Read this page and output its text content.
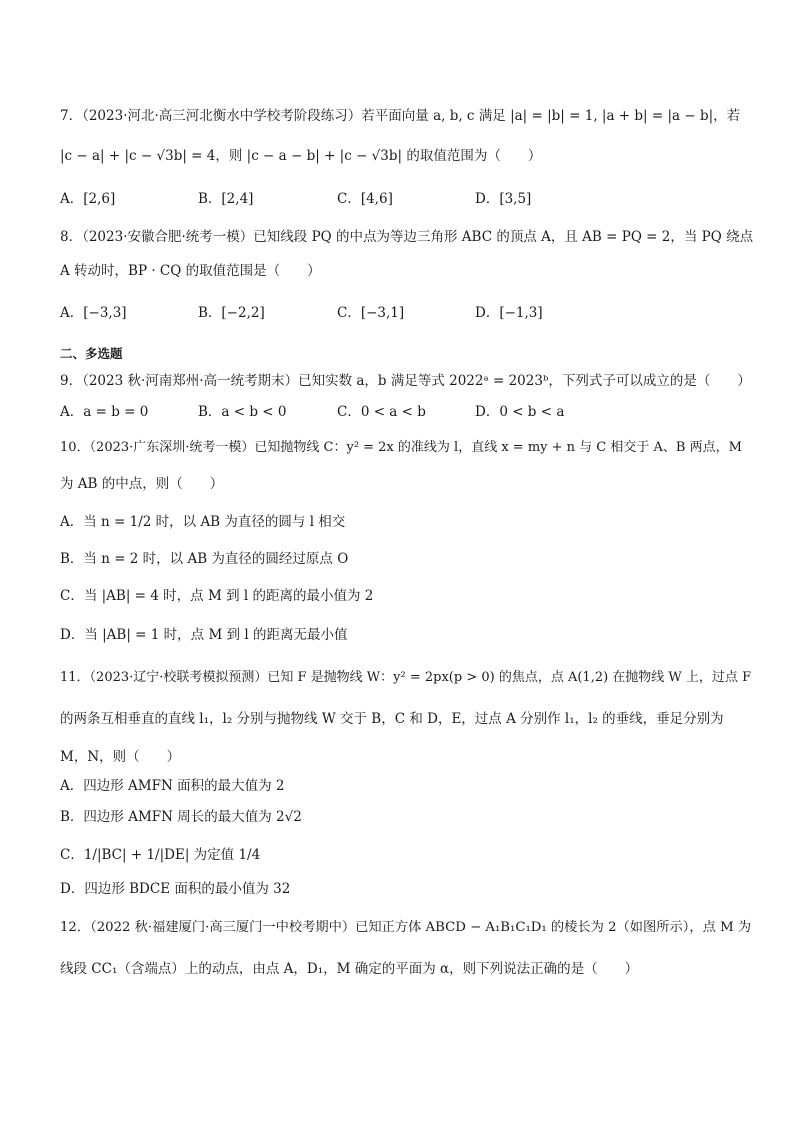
7．（2023·河北·高三河北衡水中学校考阶段练习）若平面向量 a, b, c 满足 |a| = |b| = 1, |a + b| = |a − b|，若
|c − a| + |c − √3b| = 4，则 |c − a − b| + |c − √3b| 的取值范围为（　　）
A．[2,6]	B．[2,4]	C．[4,6]	D．[3,5]
8．（2023·安徽合肥·统考一模）已知线段 PQ 的中点为等边三角形 ABC 的顶点 A，且 AB = PQ = 2，当 PQ 绕点
A 转动时，BP · CQ 的取值范围是（　　）
A．[−3,3]	B．[−2,2]	C．[−3,1]	D．[−1,3]
二、多选题
9．（2023 秋·河南郑州·高一统考期末）已知实数 a，b 满足等式 2022ᵃ = 2023ᵇ，下列式子可以成立的是（　　）
A．a = b = 0	B．a < b < 0	C．0 < a < b	D．0 < b < a
10．（2023·广东深圳·统考一模）已知抛物线 C：y² = 2x 的准线为 l，直线 x = my + n 与 C 相交于 A、B 两点，M
为 AB 的中点，则（　　）
A．当 n = 1/2 时，以 AB 为直径的圆与 l 相交
B．当 n = 2 时，以 AB 为直径的圆经过原点 O
C．当 |AB| = 4 时，点 M 到 l 的距离的最小值为 2
D．当 |AB| = 1 时，点 M 到 l 的距离无最小值
11．（2023·辽宁·校联考模拟预测）已知 F 是抛物线 W：y² = 2px(p > 0) 的焦点，点 A(1,2) 在抛物线 W 上，过点 F
的两条互相垂直的直线 l₁，l₂ 分别与抛物线 W 交于 B，C 和 D，E，过点 A 分别作 l₁，l₂ 的垂线，垂足分别为
M，N，则（　　）
A．四边形 AMFN 面积的最大值为 2
B．四边形 AMFN 周长的最大值为 2√2
C．1/|BC| + 1/|DE| 为定值 1/4
D．四边形 BDCE 面积的最小值为 32
12．（2022 秋·福建厦门·高三厦门一中校考期中）已知正方体 ABCD − A₁B₁C₁D₁ 的棱长为 2（如图所示），点 M 为
线段 CC₁（含端点）上的动点，由点 A，D₁，M 确定的平面为 α，则下列说法正确的是（　　）
